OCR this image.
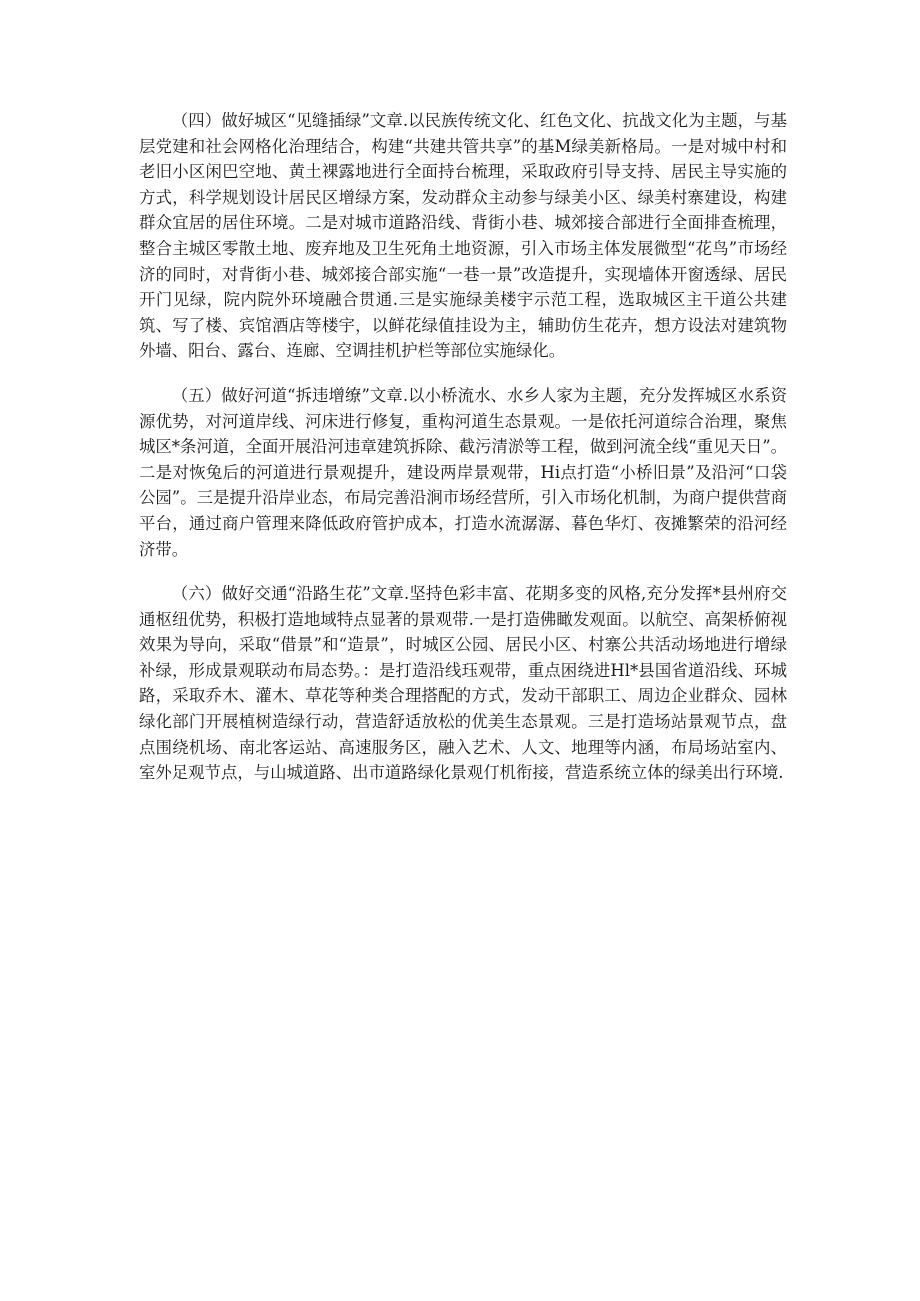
（四）做好城区“见缝插绿”文章.以民族传统文化、红色文化、抗战文化为主题，与基层党建和社会网格化治理结合，构建“共建共管共享”的基M绿美新格局。一是对城中村和老旧小区闲巴空地、黄土裸露地进行全面持台梳理，采取政府引导支持、居民主导实施的方式，科学规划设计居民区增绿方案，发动群众主动参与绿美小区、绿美村寨建设，构建群众宜居的居住环境。二是对城市道路沿线、背街小巷、城郊接合部进行全面排查梳理，整合主城区零散土地、废弃地及卫生死角土地资源，引入市场主体发展微型“花鸟”市场经济的同时，对背街小巷、城郊接合部实施“一巷一景”改造提升，实现墙体开窗透绿、居民开门见绿，院内院外环境融合贯通.三是实施绿美楼宇示范工程，选取城区主干道公共建筑、写了楼、宾馆酒店等楼宇，以鲜花绿值挂设为主，辅助仿生花卉，想方设法对建筑物外墙、阳台、露台、连廊、空调挂机护栏等部位实施绿化。

（五）做好河道“拆违增缭”文章.以小桥流水、水乡人家为主题，充分发挥城区水系资源优势，对河道岸线、河床进行修复，重构河道生态景观。一是依托河道综合治理，聚焦城区*条河道，全面开展沿河违章建筑拆除、截污清淤等工程，做到河流全线“重见天日”。二是对恢兔后的河道进行景观提升，建设两岸景观带，Hi点打造“小桥旧景”及沿河“口袋公园”。三是提升沿岸业态，布局完善沿涧市场经营所，引入市场化机制，为商户提供营商平台，通过商户管理来降低政府管护成本，打造水流潺潺、暮色华灯、夜摊繁荣的沿河经济带。

（六）做好交通“沿路生花”文章.坚持色彩丰富、花期多变的风格,充分发挥*县州府交通枢纽优势，积极打造地域特点显著的景观带.一是打造佛瞰发观面。以航空、高架桥俯视效果为导向，采取“借景”和“造景”，时城区公园、居民小区、村寨公共活动场地进行增绿补绿，形成景观联动布局态势。：是打造沿线珏观带，重点困绕进Hl*县国省道沿线、环城路，采取乔木、灌木、草花等种类合理搭配的方式，发动干部职工、周边企业群众、园林绿化部门开展植树造绿行动，营造舒适放松的优美生态景观。三是打造场站景观节点，盘点围绕机场、南北客运站、高速服务区，融入艺术、人文、地理等内涵，布局场站室内、室外足观节点，与山城道路、出市道路绿化景观仃机衔接，营造系统立体的绿美出行环境.
